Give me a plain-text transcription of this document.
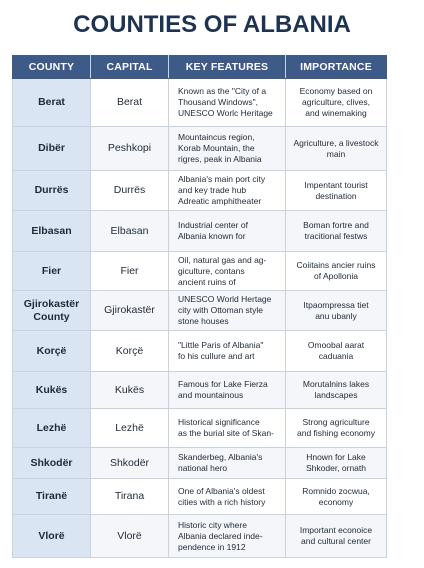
COUNTIES OF ALBANIA
COUNTY	CAPITAL	KEY FEATURES	IMPORTANCE
Berat	Berat	Known as the "City of a
Thousand Windows",
UNESCO Worlc Heritage	Economy based on
agriculture, clives,
and winemaking
Dibër	Peshkopi	Mountaincus region,
Korab Mountain, the
rigres, peak in Albania	Agriculture, a livestock
main
Durrës	Durrës	Albania's main port city
and key trade hub
Adreatic amphitheater	Impentant tourist
destination
Elbasan	Elbasan	Industrial center of
Albania known for	Boman fortre and
tracitional festws
Fier	Fier	Oil, natural gas and ag-
giculture, contans
ancient ruins of	Coiitains ancier ruins
of Apollonia
Gjirokastër
County	Gjirokastër	UNESCO World Hertage
city with Ottoman style
stone houses	Itpaompressa tiet
anu ubanly
Korçë	Korçë	"Little Paris of Albania"
fo his cullure and art	Omoobal aarat
caduania
Kukës	Kukës	Famous for Lake Fierza
and mountainous	Morutalnins lakes
landscapes
Lezhë	Lezhë	Historical significance
as the burial site of Skan-	Strong agriculture
and fishing economy
Shkodër	Shkodër	Skanderbeg, Albania's
national hero	Hnown for Lake
Shkoder, ornath
Tiranë	Tirana	One of Albania's oldest
cities with a rich history	Romnido zocwua,
economy
Vlorë	Vlorë	Historic city where
Albania declared inde-
pendence in 1912	Important econoice
and cultural center
